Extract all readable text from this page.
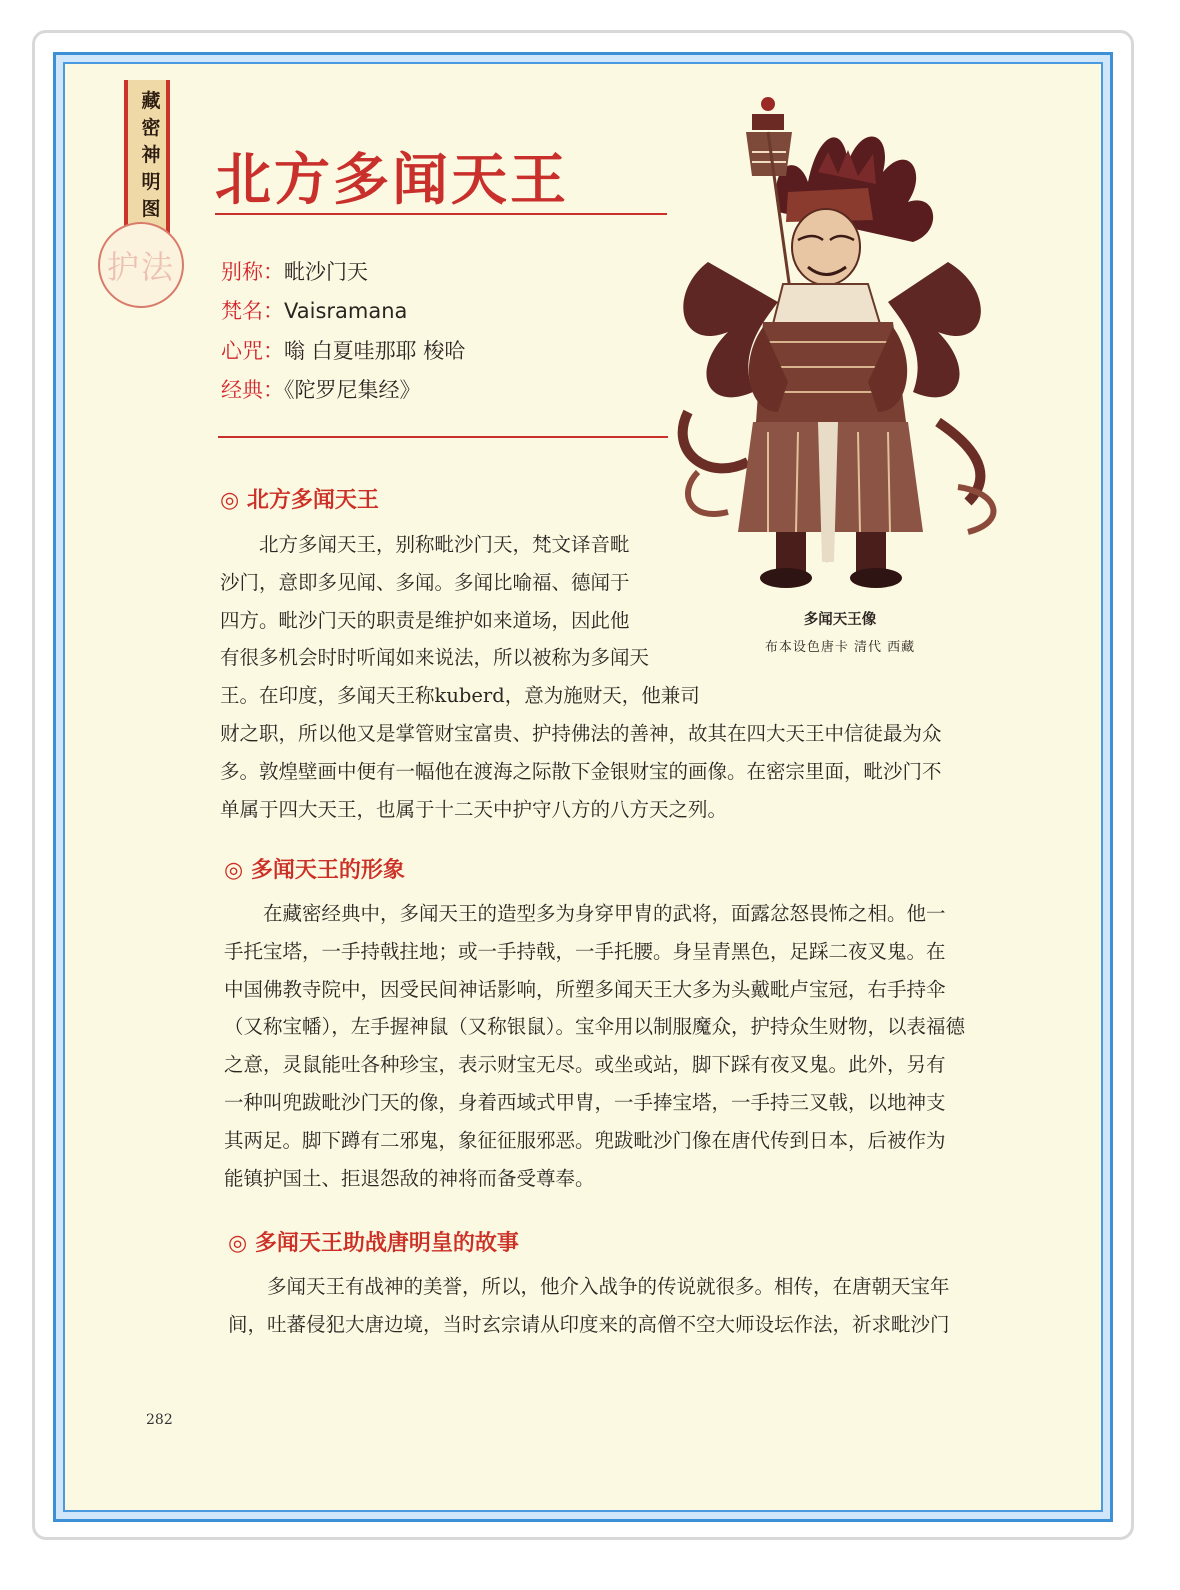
藏密神明图
护法
北方多闻天王
别称：毗沙门天
梵名：Vaisramana
心咒：嗡 白夏哇那耶 梭哈
经典：《陀罗尼集经》
多闻天王像
布本设色唐卡 清代 西藏
◎ 北方多闻天王
　　北方多闻天王，别称毗沙门天，梵文译音毗
沙门，意即多见闻、多闻。多闻比喻福、德闻于
四方。毗沙门天的职责是维护如来道场，因此他
有很多机会时时听闻如来说法，所以被称为多闻天
王。在印度，多闻天王称kuberd，意为施财天，他兼司
财之职，所以他又是掌管财宝富贵、护持佛法的善神，故其在四大天王中信徒最为众
多。敦煌壁画中便有一幅他在渡海之际散下金银财宝的画像。在密宗里面，毗沙门不
单属于四大天王，也属于十二天中护守八方的八方天之列。
◎ 多闻天王的形象
　　在藏密经典中，多闻天王的造型多为身穿甲胄的武将，面露忿怒畏怖之相。他一
手托宝塔，一手持戟拄地；或一手持戟，一手托腰。身呈青黑色，足踩二夜叉鬼。在
中国佛教寺院中，因受民间神话影响，所塑多闻天王大多为头戴毗卢宝冠，右手持伞
（又称宝幡），左手握神鼠（又称银鼠）。宝伞用以制服魔众，护持众生财物，以表福德
之意，灵鼠能吐各种珍宝，表示财宝无尽。或坐或站，脚下踩有夜叉鬼。此外，另有
一种叫兜跋毗沙门天的像，身着西域式甲胄，一手捧宝塔，一手持三叉戟，以地神支
其两足。脚下蹲有二邪鬼，象征征服邪恶。兜跋毗沙门像在唐代传到日本，后被作为
能镇护国土、拒退怨敌的神将而备受尊奉。
◎ 多闻天王助战唐明皇的故事
　　多闻天王有战神的美誉，所以，他介入战争的传说就很多。相传，在唐朝天宝年
间，吐蕃侵犯大唐边境，当时玄宗请从印度来的高僧不空大师设坛作法，祈求毗沙门
282
